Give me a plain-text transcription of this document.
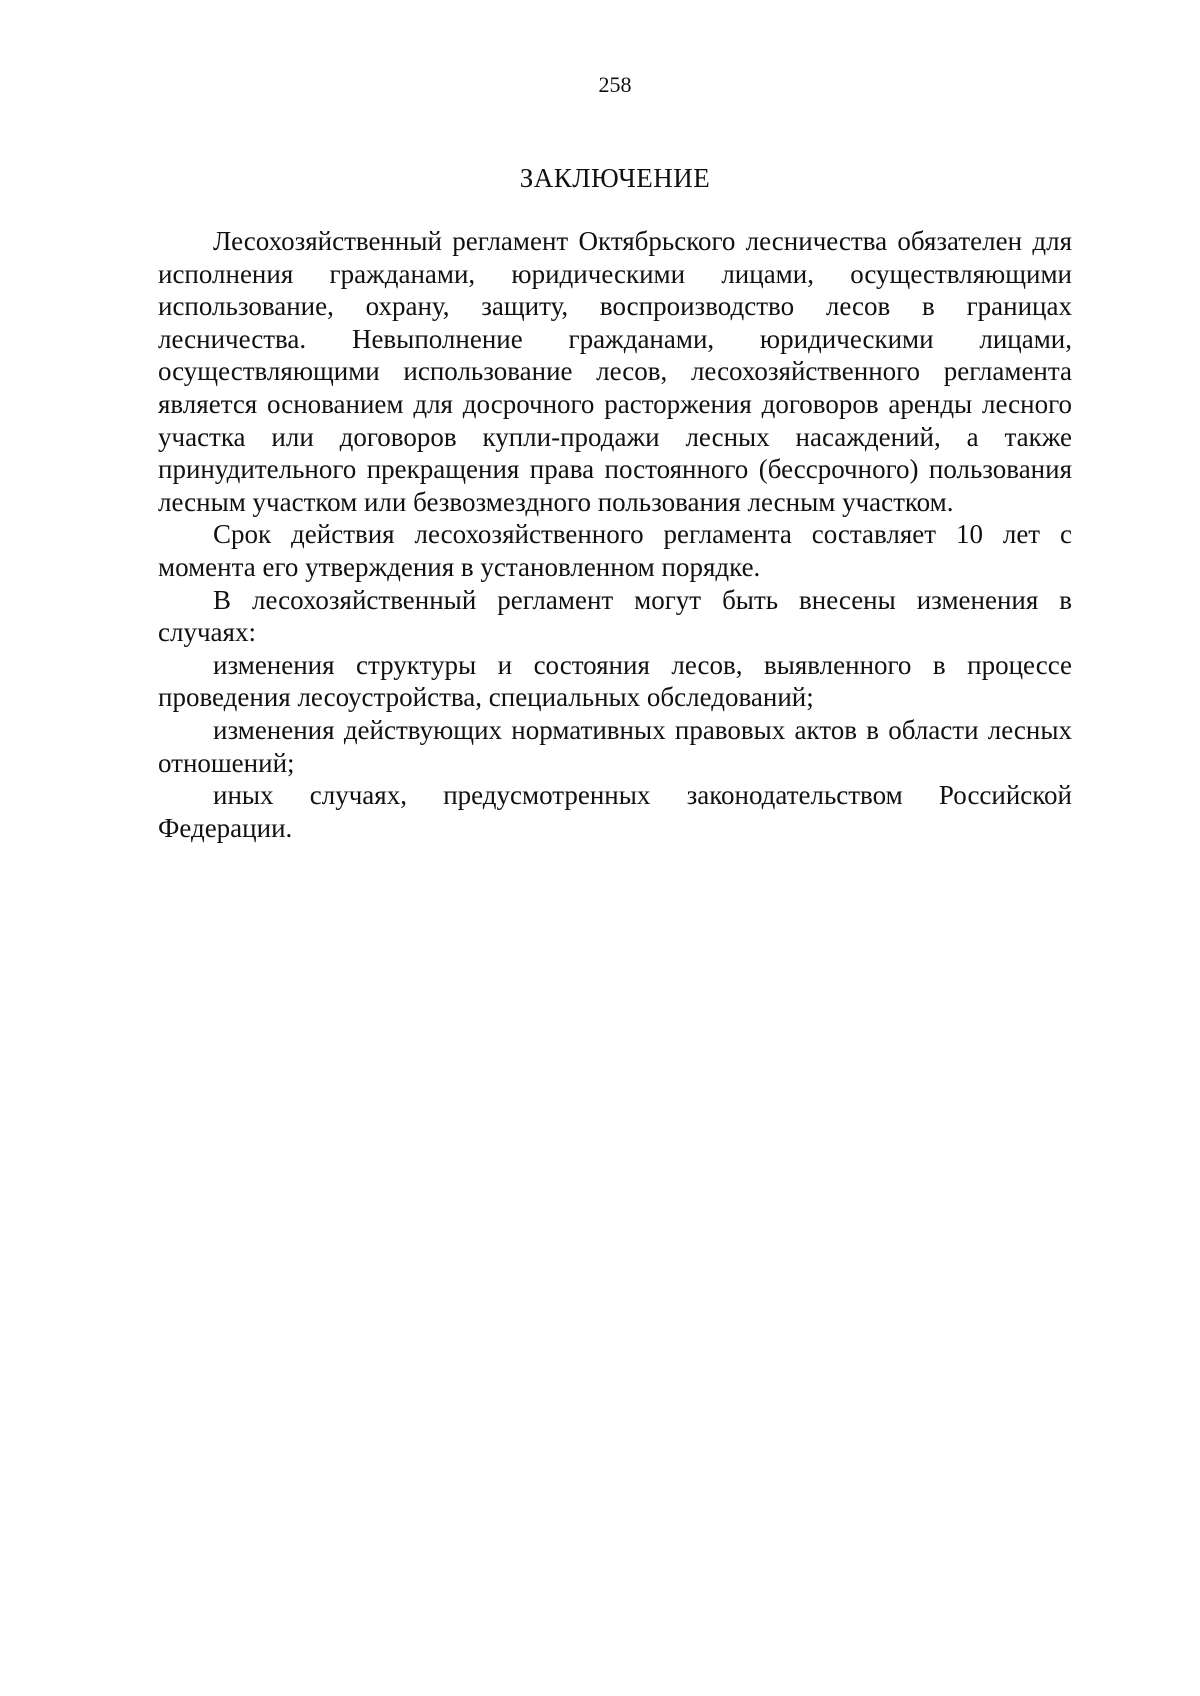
258
ЗАКЛЮЧЕНИЕ

Лесохозяйственный регламент Октябрьского лесничества обязателен для исполнения гражданами, юридическими лицами, осуществляющими использование, охрану, защиту, воспроизводство лесов в границах лесничества. Невыполнение гражданами, юридическими лицами, осуществляющими использование лесов, лесохозяйственного регламента является основанием для досрочного расторжения договоров аренды лесного участка или договоров купли-продажи лесных насаждений, а также принудительного прекращения права постоянного (бессрочного) пользования лесным участком или безвозмездного пользования лесным участком.

Срок действия лесохозяйственного регламента составляет 10 лет с момента его утверждения в установленном порядке.

В лесохозяйственный регламент могут быть внесены изменения в случаях:

изменения структуры и состояния лесов, выявленного в процессе проведения лесоустройства, специальных обследований;

изменения действующих нормативных правовых актов в области лесных отношений;

иных случаях, предусмотренных законодательством Российской Федерации.
